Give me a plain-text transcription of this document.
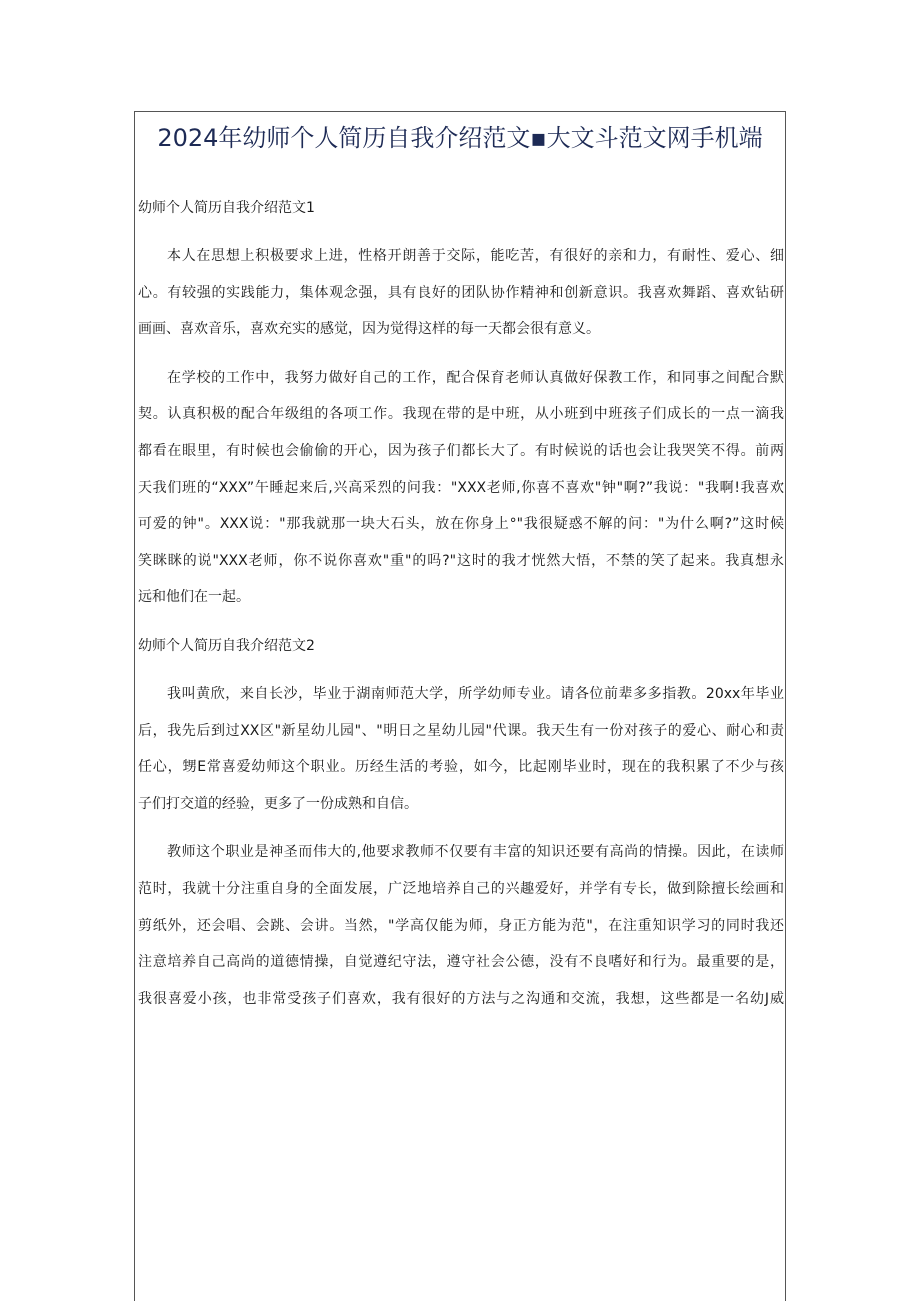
2024年幼师个人简历自我介绍范文▪大文斗范文网手机端
幼师个人简历自我介绍范文1
本人在思想上积极要求上进，性格开朗善于交际，能吃苦，有很好的亲和力，有耐性、爱心、细
心。有较强的实践能力，集体观念强，具有良好的团队协作精神和创新意识。我喜欢舞蹈、喜欢钻研
画画、喜欢音乐，喜欢充实的感觉，因为觉得这样的每一天都会很有意义。
在学校的工作中，我努力做好自己的工作，配合保育老师认真做好保教工作，和同事之间配合默
契。认真积极的配合年级组的各项工作。我现在带的是中班，从小班到中班孩子们成长的一点一滴我
都看在眼里，有时候也会偷偷的开心，因为孩子们都长大了。有时候说的话也会让我哭笑不得。前两
天我们班的“XXX”午睡起来后,兴高采烈的问我："XXX老师,你喜不喜欢"钟"啊?”我说："我啊!我喜欢
可爱的钟"。XXX说："那我就那一块大石头，放在你身上°"我很疑惑不解的问："为什么啊?”这时候
笑眯眯的说"XXX老师，你不说你喜欢"重"的吗?"这时的我才恍然大悟，不禁的笑了起来。我真想永
远和他们在一起。
幼师个人简历自我介绍范文2
我叫黄欣，来自长沙，毕业于湖南师范大学，所学幼师专业。请各位前辈多多指教。20xx年毕业
后，我先后到过XX区"新星幼儿园"、"明日之星幼儿园"代课。我天生有一份对孩子的爱心、耐心和责
任心，甥E常喜爱幼师这个职业。历经生活的考验，如今，比起刚毕业时，现在的我积累了不少与孩
子们打交道的经验，更多了一份成熟和自信。
教师这个职业是神圣而伟大的,他要求教师不仅要有丰富的知识还要有高尚的情操。因此，在读师
范时，我就十分注重自身的全面发展，广泛地培养自己的兴趣爱好，并学有专长，做到除擅长绘画和
剪纸外，还会唱、会跳、会讲。当然，"学高仅能为师，身正方能为范"，在注重知识学习的同时我还
注意培养自己高尚的道德情操，自觉遵纪守法，遵守社会公德，没有不良嗜好和行为。最重要的是，
我很喜爱小孩，也非常受孩子们喜欢，我有很好的方法与之沟通和交流，我想，这些都是一名幼J威
